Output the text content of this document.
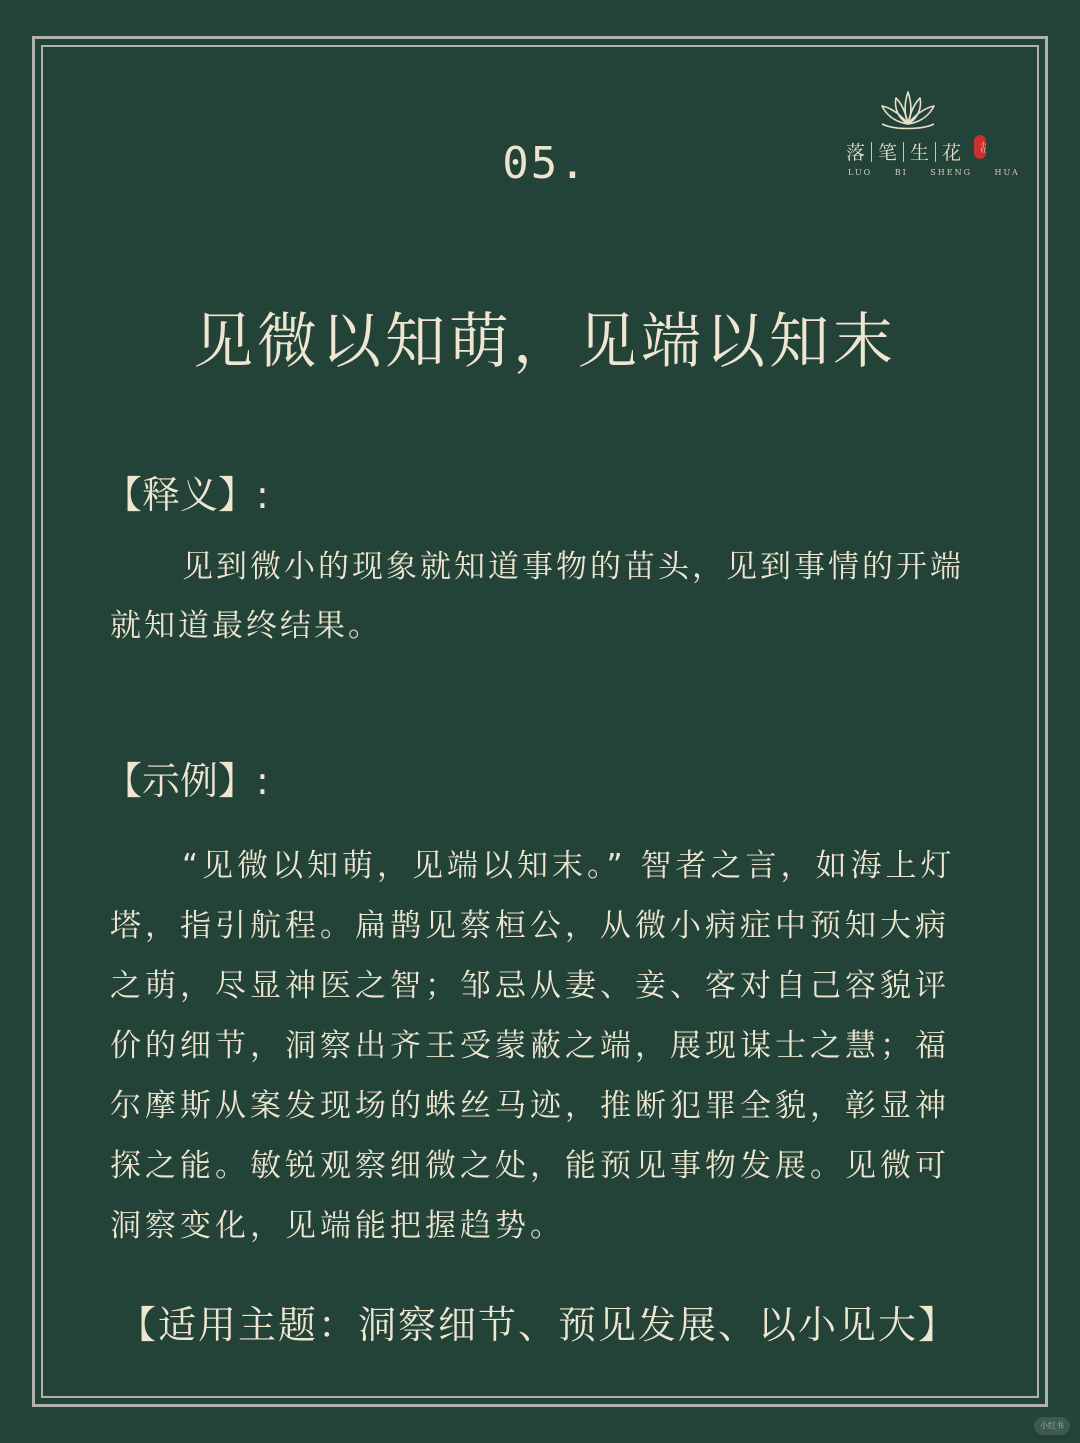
落 笔 生 花	小红
LUO BI SHENG HUA
05.
见微以知萌，见端以知末
【释义】:

见到微小的现象就知道事物的苗头，见到事情的开端就知道最终结果。

【示例】:

“见微以知萌，见端以知末。” 智者之言，如海上灯塔，指引航程。扁鹊见蔡桓公，从微小病症中预知大病之萌，尽显神医之智；邹忌从妻、妾、客对自己容貌评价的细节，洞察出齐王受蒙蔽之端，展现谋士之慧；福尔摩斯从案发现场的蛛丝马迹，推断犯罪全貌，彰显神探之能。敏锐观察细微之处，能预见事物发展。见微可洞察变化，见端能把握趋势。

【适用主题：洞察细节、预见发展、以小见大】
小红书
